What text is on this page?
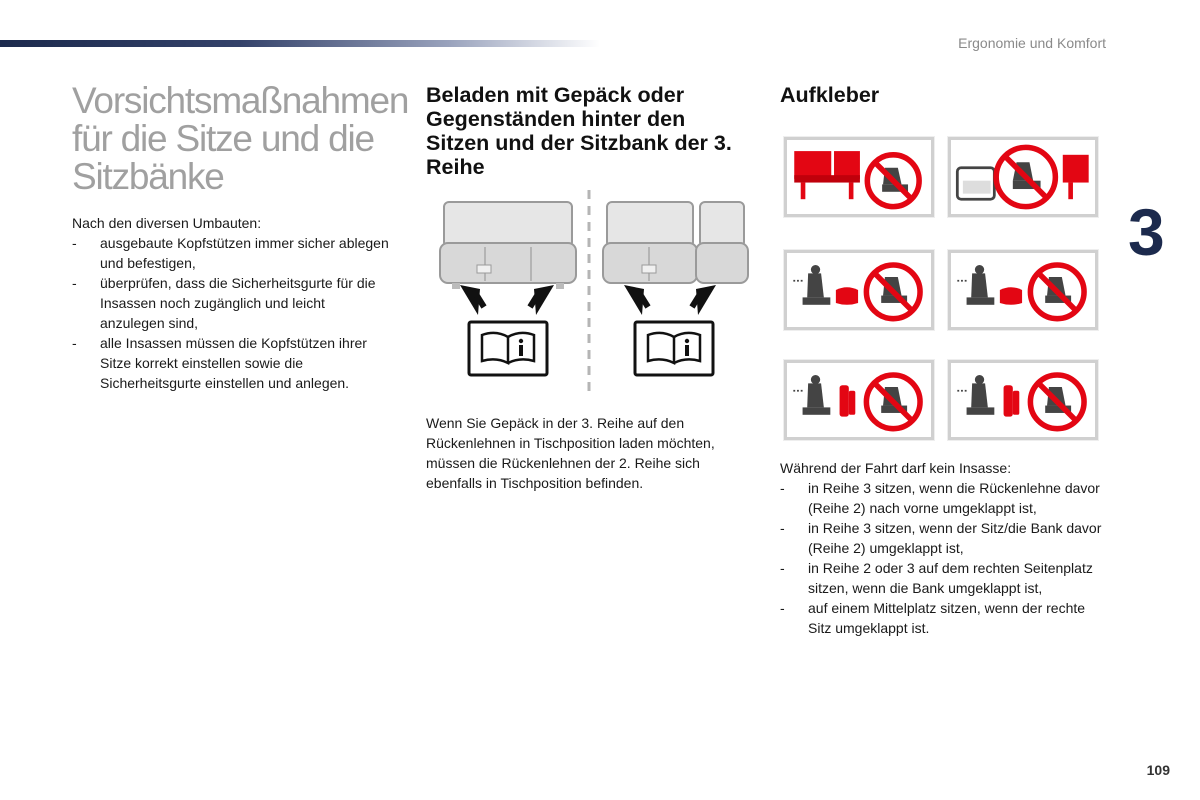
Ergonomie und Komfort
Vorsichtsmaßnahmen für die Sitze und die Sitzbänke

Nach den diversen Umbauten:

- ausgebaute Kopfstützen immer sicher ablegen und befestigen,
- überprüfen, dass die Sicherheitsgurte für die Insassen noch zugänglich und leicht anzulegen sind,
- alle Insassen müssen die Kopfstützen ihrer Sitze korrekt einstellen sowie die Sicherheitsgurte einstellen und anlegen.
Beladen mit Gepäck oder Gegenständen hinter den Sitzen und der Sitzbank der 3. Reihe

Wenn Sie Gepäck in der 3. Reihe auf den Rückenlehnen in Tischposition laden möchten, müssen die Rückenlehnen der 2. Reihe sich ebenfalls in Tischposition befinden.

Aufkleber

Während der Fahrt darf kein Insasse:

- in Reihe 3 sitzen, wenn die Rückenlehne davor (Reihe 2) nach vorne umgeklappt ist,
- in Reihe 3 sitzen, wenn der Sitz/die Bank davor (Reihe 2) umgeklappt ist,
- in Reihe 2 oder 3 auf dem rechten Seitenplatz sitzen, wenn die Bank umgeklappt ist,
- auf einem Mittelplatz sitzen, wenn der rechte Sitz umgeklappt ist.
3
109
